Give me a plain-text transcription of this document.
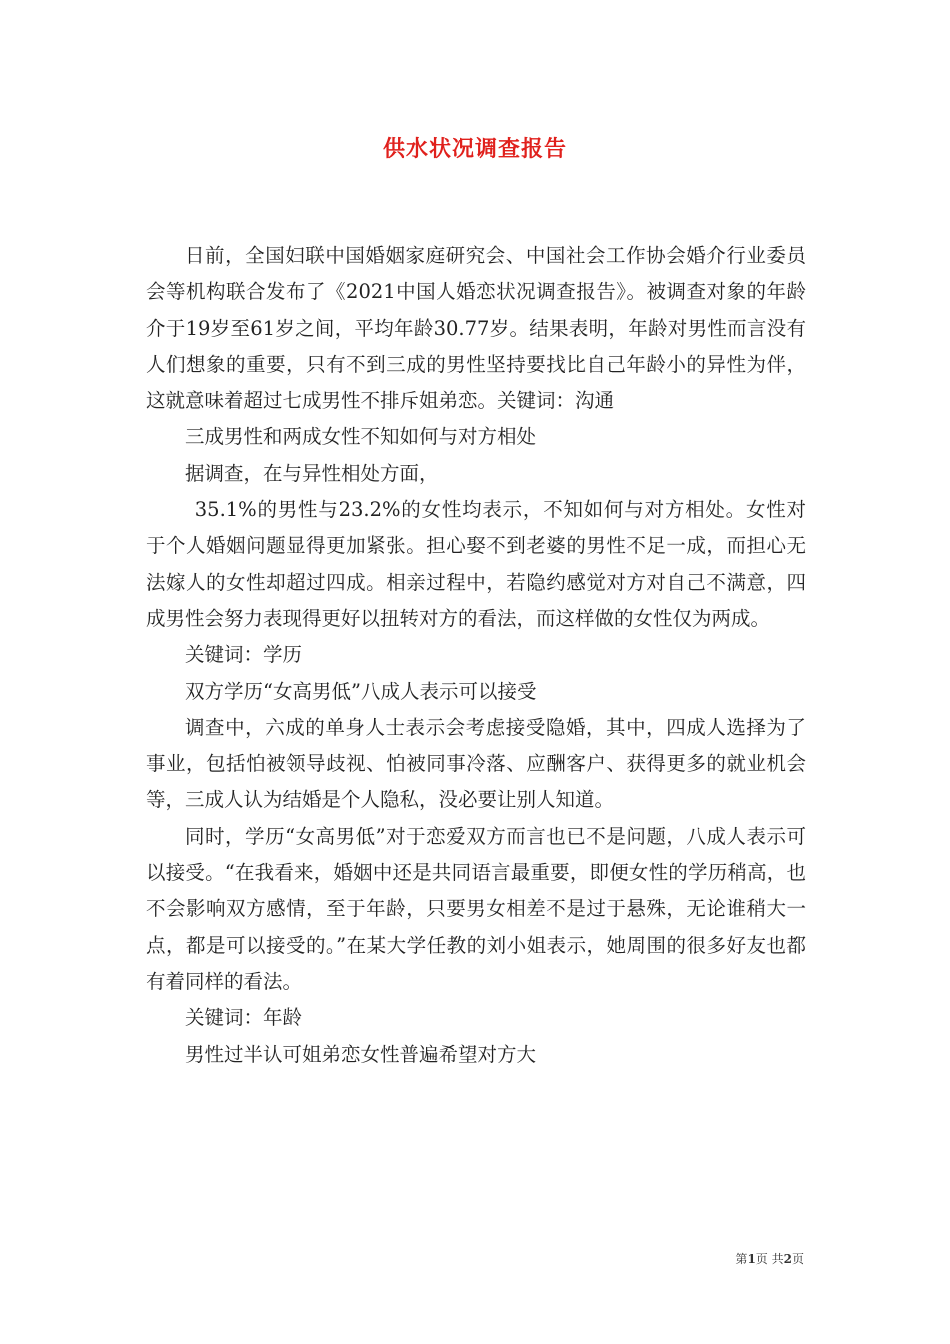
供水状况调查报告

日前，全国妇联中国婚姻家庭研究会、中国社会工作协会婚介行业委员会等机构联合发布了《2021中国人婚恋状况调查报告》。被调查对象的年龄介于19岁至61岁之间，平均年龄30.77岁。结果表明，年龄对男性而言没有人们想象的重要，只有不到三成的男性坚持要找比自己年龄小的异性为伴，这就意味着超过七成男性不排斥姐弟恋。关键词：沟通

三成男性和两成女性不知如何与对方相处

据调查，在与异性相处方面，

35.1%的男性与23.2%的女性均表示，不知如何与对方相处。女性对于个人婚姻问题显得更加紧张。担心娶不到老婆的男性不足一成，而担心无法嫁人的女性却超过四成。相亲过程中，若隐约感觉对方对自己不满意，四成男性会努力表现得更好以扭转对方的看法，而这样做的女性仅为两成。

关键词：学历

双方学历“女高男低”八成人表示可以接受

调查中，六成的单身人士表示会考虑接受隐婚，其中，四成人选择为了事业，包括怕被领导歧视、怕被同事冷落、应酬客户、获得更多的就业机会等，三成人认为结婚是个人隐私，没必要让别人知道。

同时，学历“女高男低”对于恋爱双方而言也已不是问题，八成人表示可以接受。“在我看来，婚姻中还是共同语言最重要，即便女性的学历稍高，也不会影响双方感情，至于年龄，只要男女相差不是过于悬殊，无论谁稍大一点，都是可以接受的。”在某大学任教的刘小姐表示，她周围的很多好友也都有着同样的看法。

关键词：年龄

男性过半认可姐弟恋女性普遍希望对方大

第1页 共2页
